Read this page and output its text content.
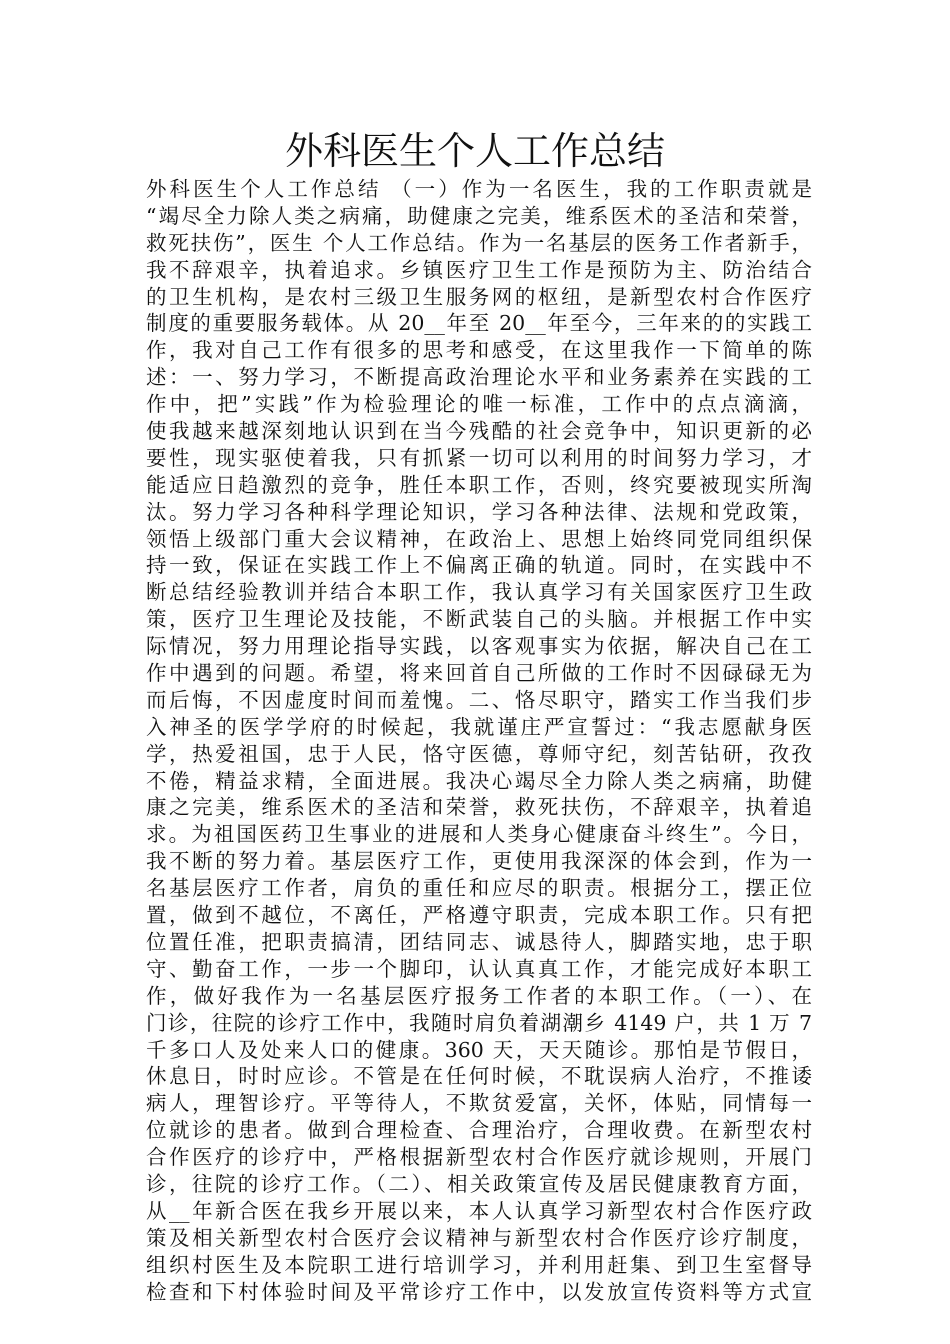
外科医生个人工作总结
外科医生个人工作总结 （一）作为一名医生，我的工作职责就是
“竭尽全力除人类之病痛，助健康之完美，维系医术的圣洁和荣誉，
救死扶伤”，医生 个人工作总结。作为一名基层的医务工作者新手，
我不辞艰辛，执着追求。乡镇医疗卫生工作是预防为主、防治结合
的卫生机构，是农村三级卫生服务网的枢纽，是新型农村合作医疗
制度的重要服务载体。从 20__年至 20__年至今，三年来的的实践工
作，我对自己工作有很多的思考和感受，在这里我作一下简单的陈
述：一、努力学习，不断提高政治理论水平和业务素养在实践的工
作中，把”实践”作为检验理论的唯一标准，工作中的点点滴滴，
使我越来越深刻地认识到在当今残酷的社会竞争中，知识更新的必
要性，现实驱使着我，只有抓紧一切可以利用的时间努力学习，才
能适应日趋激烈的竞争，胜任本职工作，否则，终究要被现实所淘
汰。努力学习各种科学理论知识，学习各种法律、法规和党政策，
领悟上级部门重大会议精神，在政治上、思想上始终同党同组织保
持一致，保证在实践工作上不偏离正确的轨道。同时，在实践中不
断总结经验教训并结合本职工作，我认真学习有关国家医疗卫生政
策，医疗卫生理论及技能，不断武装自己的头脑。并根据工作中实
际情况，努力用理论指导实践，以客观事实为依据，解决自己在工
作中遇到的问题。希望，将来回首自己所做的工作时不因碌碌无为
而后悔，不因虚度时间而羞愧。二、恪尽职守，踏实工作当我们步
入神圣的医学学府的时候起，我就谨庄严宣誓过：“我志愿献身医
学，热爱祖国，忠于人民，恪守医德，尊师守纪，刻苦钻研，孜孜
不倦，精益求精，全面进展。我决心竭尽全力除人类之病痛，助健
康之完美，维系医术的圣洁和荣誉，救死扶伤，不辞艰辛，执着追
求。为祖国医药卫生事业的进展和人类身心健康奋斗终生”。今日，
我不断的努力着。基层医疗工作，更使用我深深的体会到，作为一
名基层医疗工作者，肩负的重任和应尽的职责。根据分工，摆正位
置，做到不越位，不离任，严格遵守职责，完成本职工作。只有把
位置任准，把职责搞清，团结同志、诚恳待人，脚踏实地，忠于职
守、勤奋工作，一步一个脚印，认认真真工作，才能完成好本职工
作，做好我作为一名基层医疗报务工作者的本职工作。（一）、在
门诊，往院的诊疗工作中，我随时肩负着湖潮乡 4149 户，共 1 万 7
千多口人及处来人口的健康。360 天，天天随诊。那怕是节假日，
休息日，时时应诊。不管是在任何时候，不耽误病人治疗，不推诿
病人，理智诊疗。平等待人，不欺贫爱富，关怀，体贴，同情每一
位就诊的患者。做到合理检查、合理治疗，合理收费。在新型农村
合作医疗的诊疗中，严格根据新型农村合作医疗就诊规则，开展门
诊，往院的诊疗工作。（二）、相关政策宣传及居民健康教育方面，
从__年新合医在我乡开展以来，本人认真学习新型农村合作医疗政
策及相关新型农村合医疗会议精神与新型农村合作医疗诊疗制度，
组织村医生及本院职工进行培训学习，并利用赶集、到卫生室督导
检查和下村体验时间及平常诊疗工作中，以发放宣传资料等方式宣
